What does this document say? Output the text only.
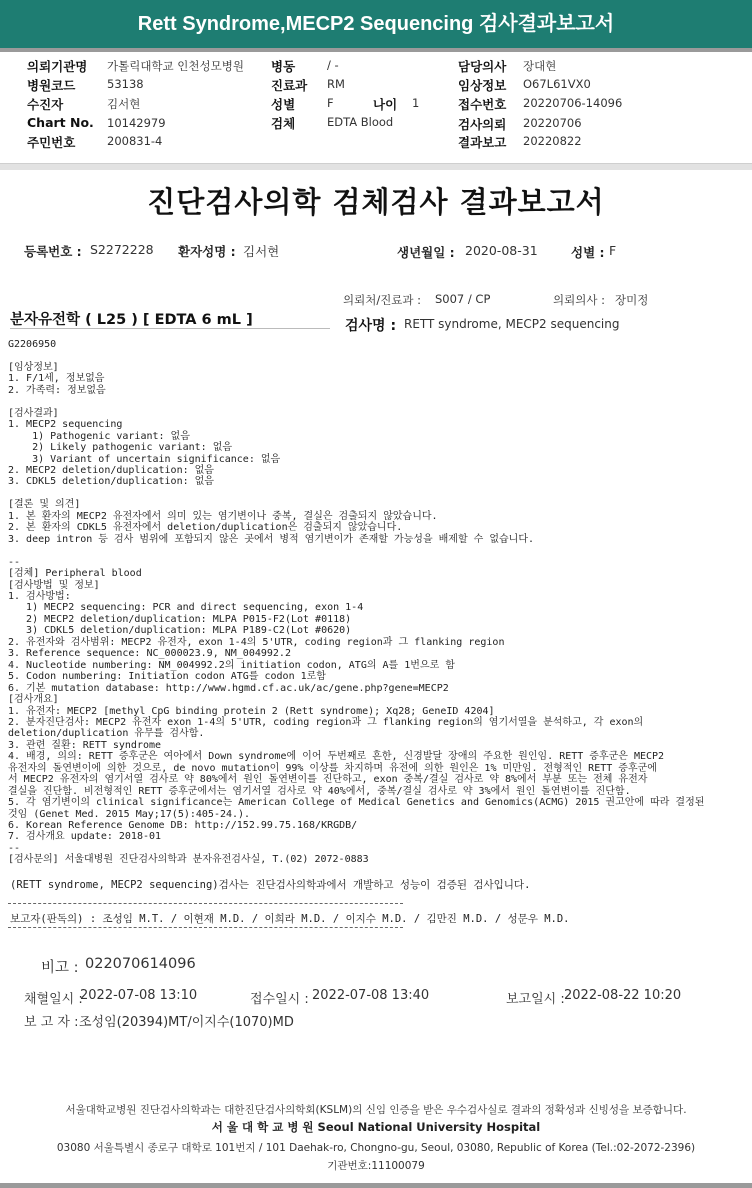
Rett Syndrome,MECP2 Sequencing 검사결과보고서
의뢰기관명 가톨릭대학교 인천성모병원
병원코드	53138
수진자	김서현
Chart No. 10142979
주민번호	200831-4
병동	/ -
진료과 RM
성별	F	나이 1
검체	EDTA Blood
담당의사 장대현
임상정보 O67L61VX0
접수번호 20220706-14096
검사의뢰 20220706
결과보고 20220822
진단검사의학 검체검사 결과보고서
등록번호 : S2272228 환자성명 : 김서현	생년월일 : 2020-08-31	성별 : F
의뢰처/진료과 : S007 / CP	의뢰의사 : 장미정
검사명 : RETT syndrome, MECP2 sequencing
분자유전학 ( L25 ) [ EDTA 6 mL ]
G2206950

[임상정보]
1. F/1세, 정보없음
2. 가족력: 정보없음

[검사결과]
1. MECP2 sequencing
1) Pathogenic variant: 없음
2) Likely pathogenic variant: 없음
3) Variant of uncertain significance: 없음
2. MECP2 deletion/duplication: 없음
3. CDKL5 deletion/duplication: 없음

[결론 및 의견]
1. 본 환자의 MECP2 유전자에서 의미 있는 염기변이나 중복, 결실은 검출되지 않았습니다.
2. 본 환자의 CDKL5 유전자에서 deletion/duplication은 검출되지 않았습니다.
3. deep intron 등 검사 범위에 포함되지 않은 곳에서 병적 염기변이가 존재할 가능성을 배제할 수 없습니다.

--
[검체] Peripheral blood
[검사방법 및 정보]
1. 검사방법:
1) MECP2 sequencing: PCR and direct sequencing, exon 1-4
2) MECP2 deletion/duplication: MLPA P015-F2(Lot #0118)
3) CDKL5 deletion/duplication: MLPA P189-C2(Lot #0620)
2. 유전자와 검사범위: MECP2 유전자, exon 1-4의 5'UTR, coding region과 그 flanking region
3. Reference sequence: NC_000023.9, NM_004992.2
4. Nucleotide numbering: NM_004992.2의 initiation codon, ATG의 A를 1번으로 함
5. Codon numbering: Initiation codon ATG를 codon 1로함
6. 기본 mutation database: http://www.hgmd.cf.ac.uk/ac/gene.php?gene=MECP2
[검사개요]
1. 유전자: MECP2 [methyl CpG binding protein 2 (Rett syndrome); Xq28; GeneID 4204]
2. 분자진단검사: MECP2 유전자 exon 1-4의 5'UTR, coding region과 그 flanking region의 염기서열을 분석하고, 각 exon의
deletion/duplication 유무를 검사함.
3. 관련 질환: RETT syndrome
4. 배경, 의의: RETT 증후군은 여아에서 Down syndrome에 이어 두번째로 흔한, 신경발달 장애의 주요한 원인임. RETT 증후군은 MECP2
유전자의 돌연변이에 의한 것으로, de novo mutation이 99% 이상를 차지하며 유전에 의한 원인은 1% 미만임. 전형적인 RETT 증후군에
서 MECP2 유전자의 염기서열 검사로 약 80%에서 원인 돌연변이를 진단하고, exon 중복/결실 검사로 약 8%에서 부분 또는 전체 유전자
결실을 진단함. 비전형적인 RETT 증후군에서는 염기서열 검사로 약 40%에서, 중복/결실 검사로 약 3%에서 원인 돌연변이를 진단함.
5. 각 염기변이의 clinical significance는 American College of Medical Genetics and Genomics(ACMG) 2015 권고안에 따라 결정된
것임 (Genet Med. 2015 May;17(5):405-24.).
6. Korean Reference Genome DB: http://152.99.75.168/KRGDB/
7. 검사개요 update: 2018-01
--
[검사문의] 서울대병원 진단검사의학과 분자유전검사실, T.(02) 2072-0883

(RETT syndrome, MECP2 sequencing)검사는 진단검사의학과에서 개발하고 성능이 검증된 검사입니다.
보고자(판독의) : 조성임 M.T. / 이현재 M.D. / 이희라 M.D. / 이지수 M.D. / 김만진 M.D. / 성문우 M.D.
비고 : 022070614096
채혈일시 :
2022-07-08 13:10	접수일시 : 2022-07-08 13:40	보고일시 : 2022-08-22 10:20
보 고 자 : 조성임(20394)MT/이지수(1070)MD
서울대학교병원 진단검사의학과는 대한진단검사의학회(KSLM)의 신임 인증을 받은 우수검사실로 결과의 정확성과 신빙성을 보증합니다.
서 울 대 학 교 병 원 Seoul National University Hospital
03080 서울특별시 종로구 대학로 101번지 / 101 Daehak-ro, Chongno-gu, Seoul, 03080, Republic of Korea (Tel.:02-2072-2396)
기관번호:11100079
